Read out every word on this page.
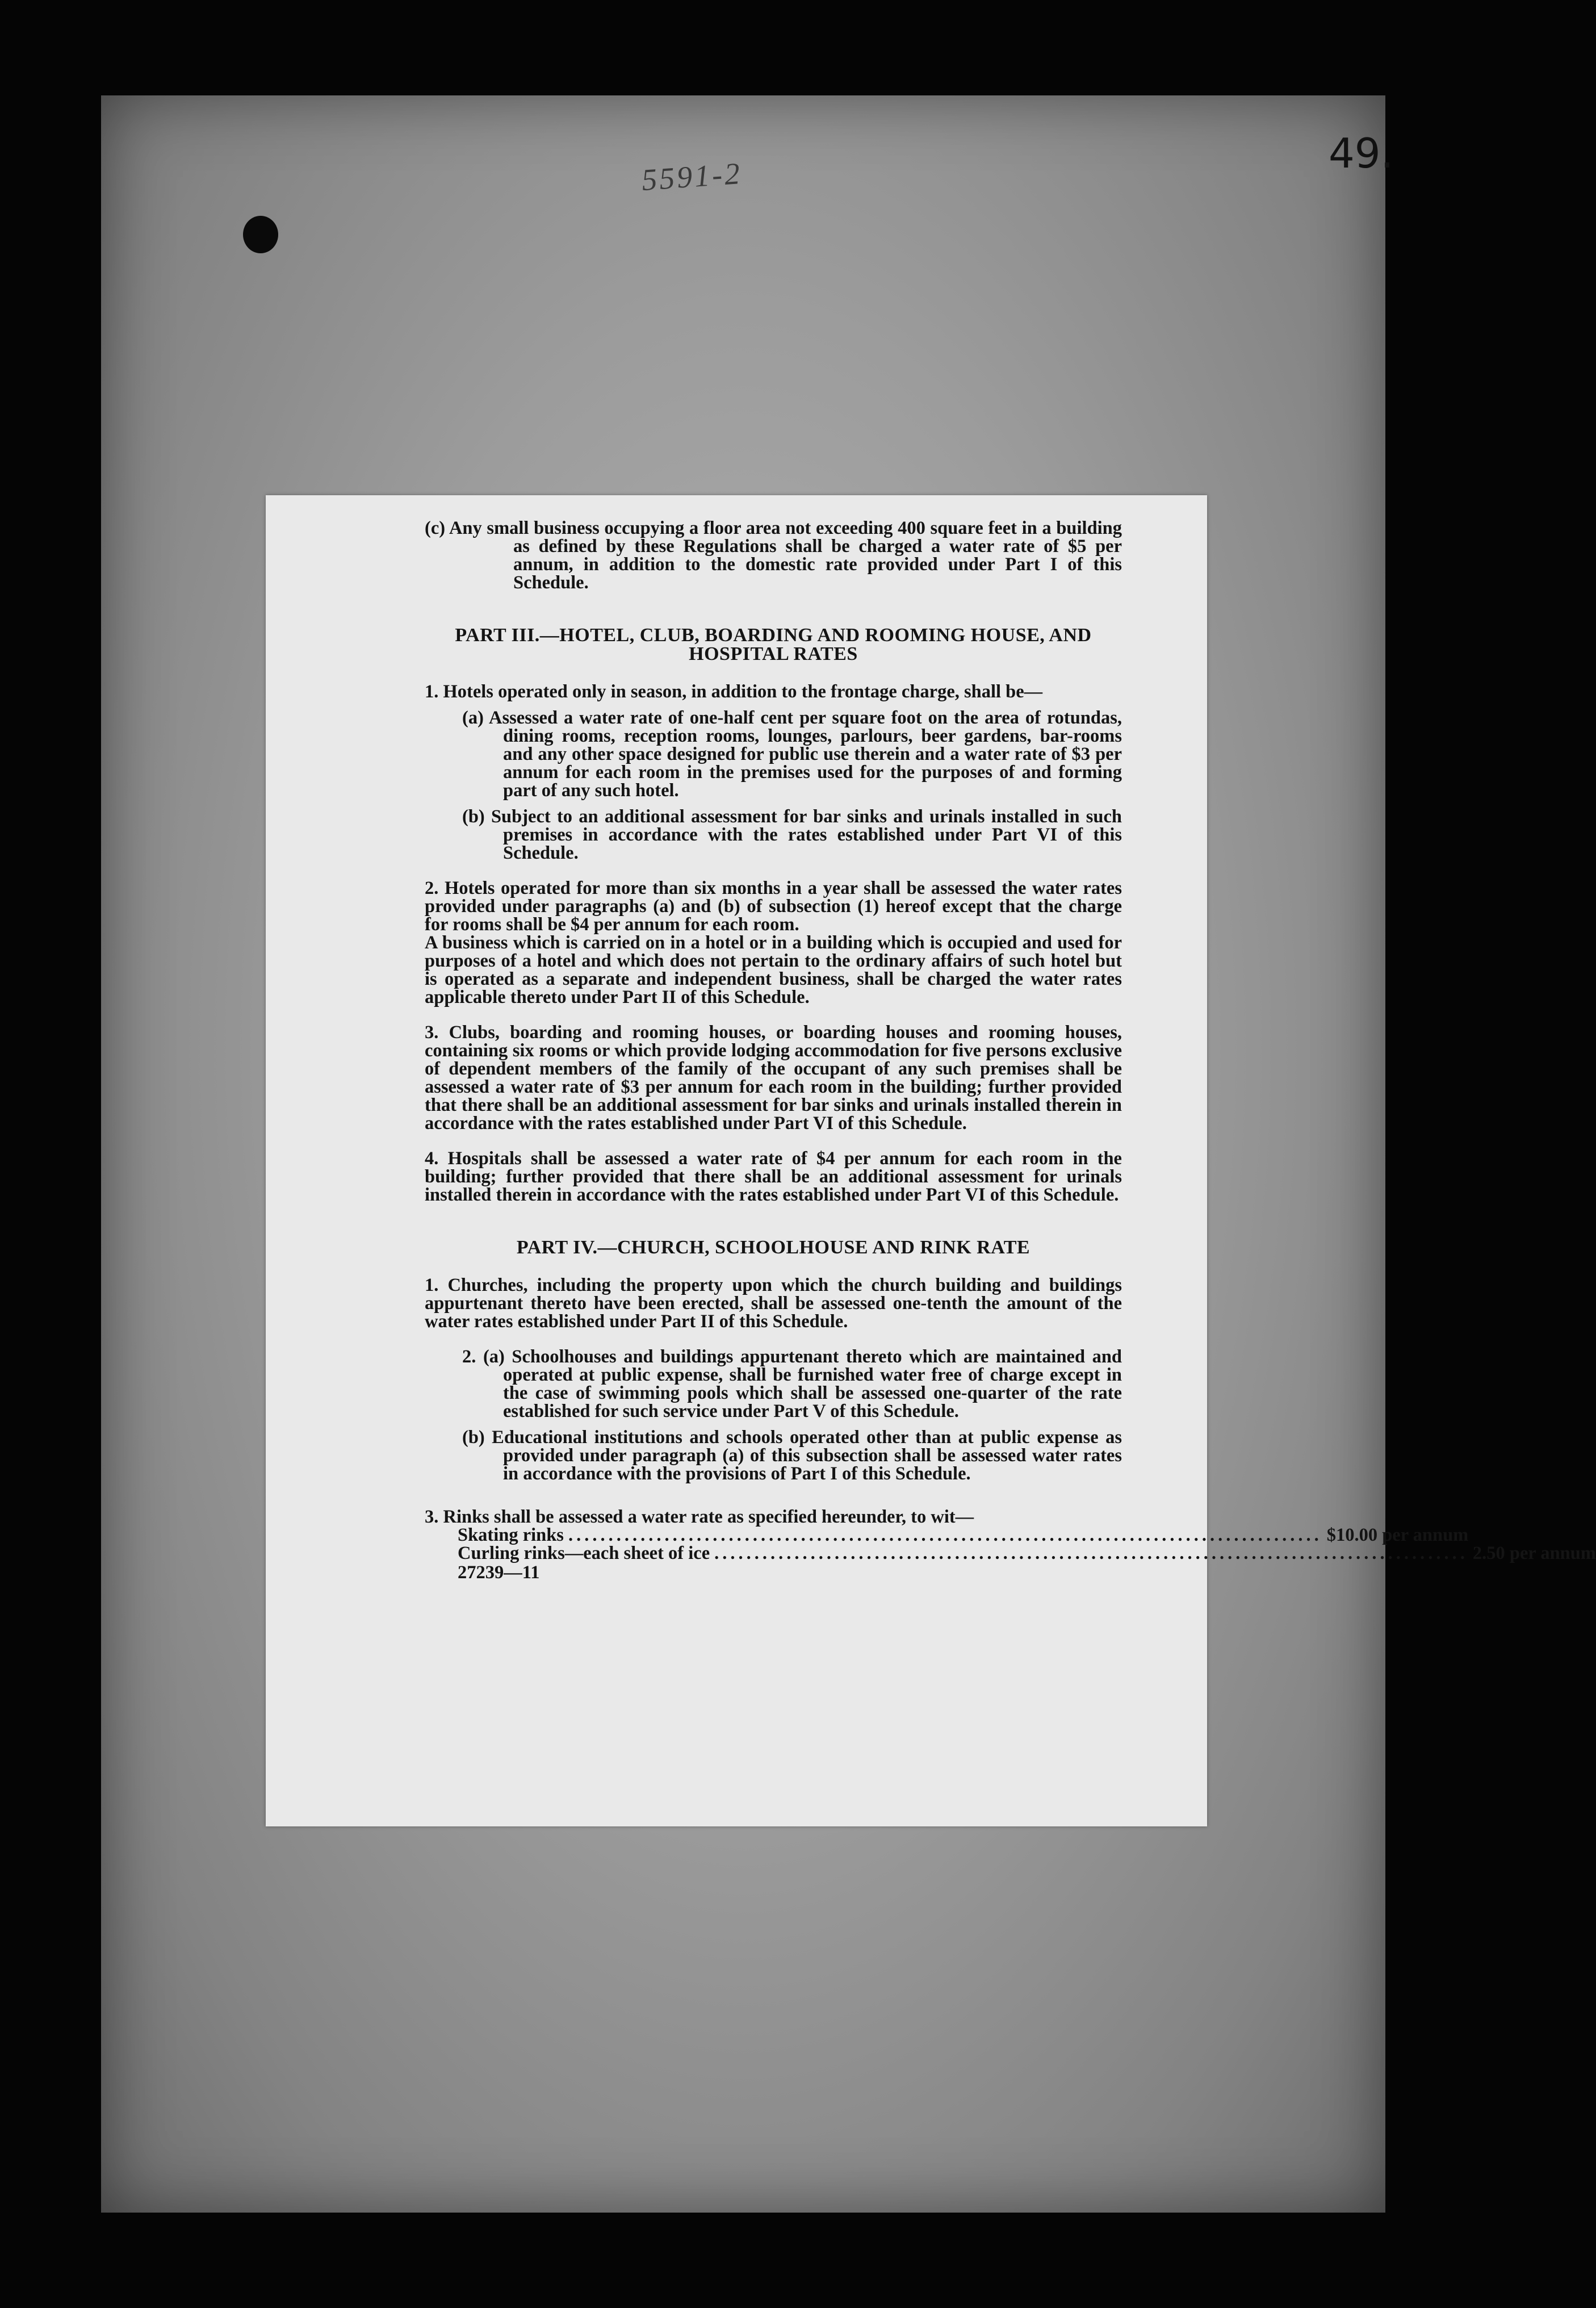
49.
5591-2

(c) Any small business occupying a floor area not exceeding 400 square feet in a building as defined by these Regulations shall be charged a water rate of $5 per annum, in addition to the domestic rate provided under Part I of this Schedule.

PART III.—HOTEL, CLUB, BOARDING AND ROOMING HOUSE, AND HOSPITAL RATES

1. Hotels operated only in season, in addition to the frontage charge, shall be—

(a) Assessed a water rate of one-half cent per square foot on the area of rotundas, dining rooms, reception rooms, lounges, parlours, beer gardens, bar-rooms and any other space designed for public use therein and a water rate of $3 per annum for each room in the premises used for the purposes of and forming part of any such hotel.

(b) Subject to an additional assessment for bar sinks and urinals installed in such premises in accordance with the rates established under Part VI of this Schedule.

2. Hotels operated for more than six months in a year shall be assessed the water rates provided under paragraphs (a) and (b) of subsection (1) hereof except that the charge for rooms shall be $4 per annum for each room.

A business which is carried on in a hotel or in a building which is occupied and used for purposes of a hotel and which does not pertain to the ordinary affairs of such hotel but is operated as a separate and independent business, shall be charged the water rates applicable thereto under Part II of this Schedule.

3. Clubs, boarding and rooming houses, or boarding houses and rooming houses, containing six rooms or which provide lodging accommodation for five persons exclusive of dependent members of the family of the occupant of any such premises shall be assessed a water rate of $3 per annum for each room in the building; further provided that there shall be an additional assessment for bar sinks and urinals installed therein in accordance with the rates established under Part VI of this Schedule.

4. Hospitals shall be assessed a water rate of $4 per annum for each room in the building; further provided that there shall be an additional assessment for urinals installed therein in accordance with the rates established under Part VI of this Schedule.

PART IV.—CHURCH, SCHOOLHOUSE AND RINK RATE

1. Churches, including the property upon which the church building and buildings appurtenant thereto have been erected, shall be assessed one-tenth the amount of the water rates established under Part II of this Schedule.

2. (a) Schoolhouses and buildings appurtenant thereto which are maintained and operated at public expense, shall be furnished water free of charge except in the case of swimming pools which shall be assessed one-quarter of the rate established for such service under Part V of this Schedule.

(b) Educational institutions and schools operated other than at public expense as provided under paragraph (a) of this subsection shall be assessed water rates in accordance with the provisions of Part I of this Schedule.

3. Rinks shall be assessed a water rate as specified hereunder, to wit—

Skating rinks .............................................................................................. $10.00 per annum
Curling rinks—each sheet of ice .............................................................................................. 2.50 per annum
27239—11
